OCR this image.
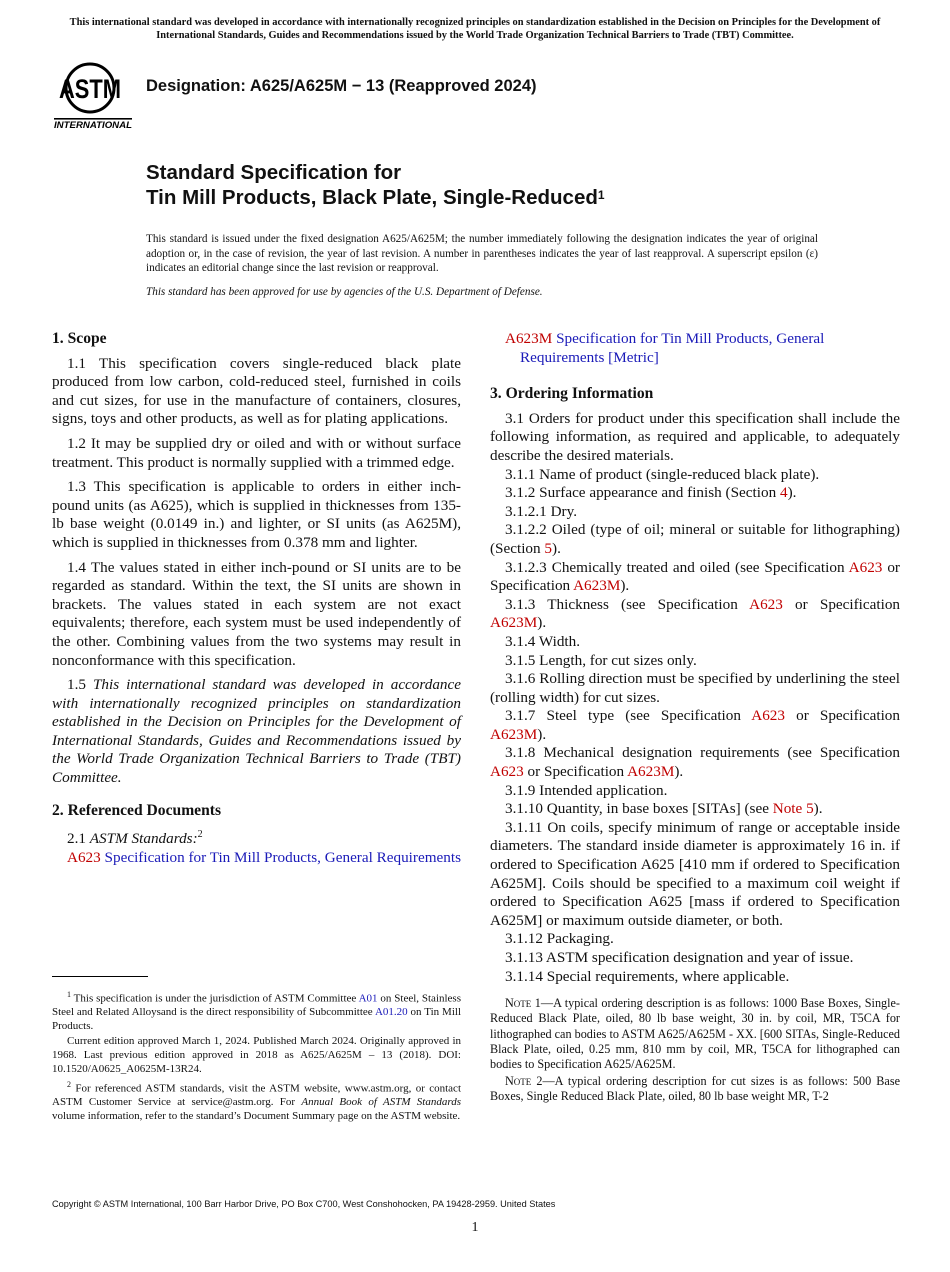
This international standard was developed in accordance with internationally recognized principles on standardization established in the Decision on Principles for the Development of International Standards, Guides and Recommendations issued by the World Trade Organization Technical Barriers to Trade (TBT) Committee.
ASTM
INTERNATIONAL
Designation: A625/A625M − 13 (Reapproved 2024)
Standard Specification for
Tin Mill Products, Black Plate, Single-Reduced$^1$
This standard is issued under the fixed designation A625/A625M; the number immediately following the designation indicates the year of original adoption or, in the case of revision, the year of last revision. A number in parentheses indicates the year of last reapproval. A superscript epsilon (ε) indicates an editorial change since the last revision or reapproval.
This standard has been approved for use by agencies of the U.S. Department of Defense.
1. Scope

1.1 This specification covers single-reduced black plate produced from low carbon, cold-reduced steel, furnished in coils and cut sizes, for use in the manufacture of containers, closures, signs, toys and other products, as well as for plating applications.

1.2 It may be supplied dry or oiled and with or without surface treatment. This product is normally supplied with a trimmed edge.

1.3 This specification is applicable to orders in either inch-pound units (as A625), which is supplied in thicknesses from 135-lb base weight (0.0149 in.) and lighter, or SI units (as A625M), which is supplied in thicknesses from 0.378 mm and lighter.

1.4 The values stated in either inch-pound or SI units are to be regarded as standard. Within the text, the SI units are shown in brackets. The values stated in each system are not exact equivalents; therefore, each system must be used independently of the other. Combining values from the two systems may result in nonconformance with this specification.

1.5 This international standard was developed in accordance with internationally recognized principles on standardization established in the Decision on Principles for the Development of International Standards, Guides and Recommendations issued by the World Trade Organization Technical Barriers to Trade (TBT) Committee.

2. Referenced Documents

2.1 ASTM Standards:$^2$

A623 Specification for Tin Mill Products, General Requirements

$^1$ This specification is under the jurisdiction of ASTM Committee A01 on Steel, Stainless Steel and Related Alloysand is the direct responsibility of Subcommittee A01.20 on Tin Mill Products.

Current edition approved March 1, 2024. Published March 2024. Originally approved in 1968. Last previous edition approved in 2018 as A625/A625M – 13 (2018). DOI: 10.1520/A0625_A0625M-13R24.

$^2$ For referenced ASTM standards, visit the ASTM website, www.astm.org, or contact ASTM Customer Service at service@astm.org. For Annual Book of ASTM Standards volume information, refer to the standard’s Document Summary page on the ASTM website.

A623M Specification for Tin Mill Products, General Requirements [Metric]

3. Ordering Information

3.1 Orders for product under this specification shall include the following information, as required and applicable, to adequately describe the desired materials.

3.1.1 Name of product (single-reduced black plate).

3.1.2 Surface appearance and finish (Section 4).

3.1.2.1 Dry.

3.1.2.2 Oiled (type of oil; mineral or suitable for lithographing) (Section 5).

3.1.2.3 Chemically treated and oiled (see Specification A623 or Specification A623M).

3.1.3 Thickness (see Specification A623 or Specification A623M).

3.1.4 Width.

3.1.5 Length, for cut sizes only.

3.1.6 Rolling direction must be specified by underlining the steel (rolling width) for cut sizes.

3.1.7 Steel type (see Specification A623 or Specification A623M).

3.1.8 Mechanical designation requirements (see Specification A623 or Specification A623M).

3.1.9 Intended application.

3.1.10 Quantity, in base boxes [SITAs] (see Note 5).

3.1.11 On coils, specify minimum of range or acceptable inside diameters. The standard inside diameter is approximately 16 in. if ordered to Specification A625 [410 mm if ordered to Specification A625M]. Coils should be specified to a maximum coil weight if ordered to Specification A625 [mass if ordered to Specification A625M] or maximum outside diameter, or both.

3.1.12 Packaging.

3.1.13 ASTM specification designation and year of issue.

3.1.14 Special requirements, where applicable.

Note 1—A typical ordering description is as follows: 1000 Base Boxes, Single-Reduced Black Plate, oiled, 80 lb base weight, 30 in. by coil, MR, T5CA for lithographed can bodies to ASTM A625/A625M - XX. [600 SITAs, Single-Reduced Black Plate, oiled, 0.25 mm, 810 mm by coil, MR, T5CA for lithographed can bodies to Specification A625/A625M.

Note 2—A typical ordering description for cut sizes is as follows: 500 Base Boxes, Single Reduced Black Plate, oiled, 80 lb base weight MR, T-2

Copyright © ASTM International, 100 Barr Harbor Drive, PO Box C700, West Conshohocken, PA 19428-2959. United States
1
